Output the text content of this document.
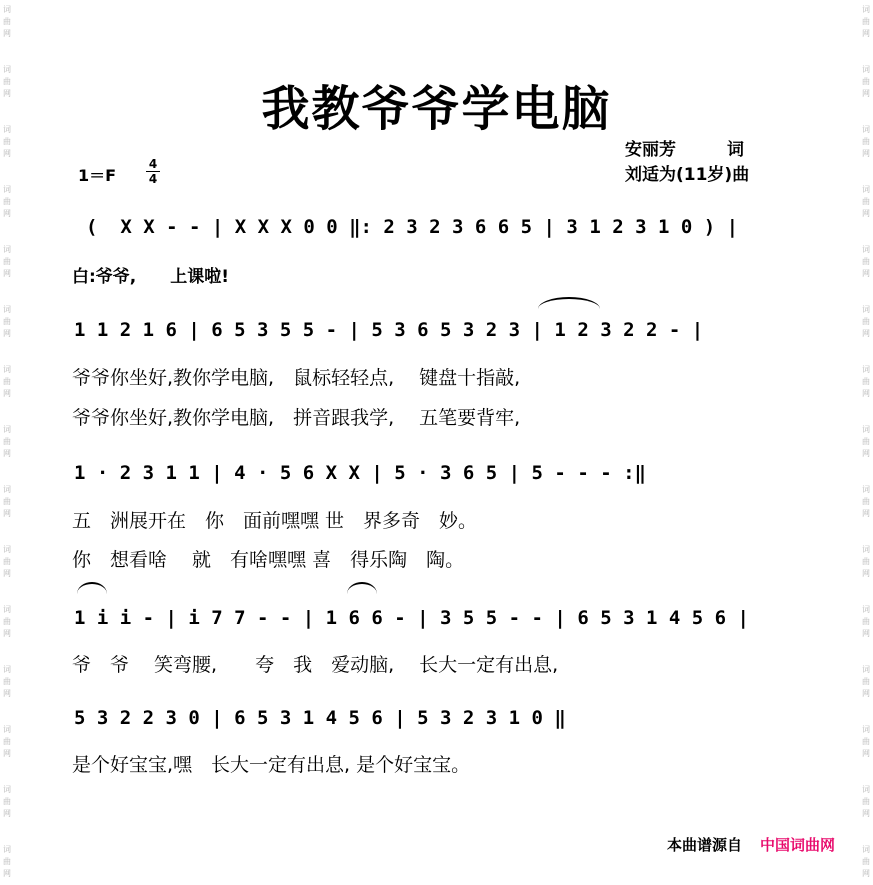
词
曲
网
词
曲
网
词
曲
网
词
曲
网
词
曲
网
词
曲
网
词
曲
网
词
曲
网
词
曲
网
词
曲
网
词
曲
网
词
曲
网
词
曲
网
词
曲
网
词
曲
网
词
曲
网
词
曲
网
词
曲
网
词
曲
网
词
曲
网
词
曲
网
词
曲
网
词
曲
网
词
曲
网
词
曲
网
词
曲
网
词
曲
网
词
曲
网
词
曲
网
词
曲
网
我教爷爷学电脑
安丽芳　　　词
刘适为(11岁)曲
$1=F \frac{4}{4}$
(  X X - - | X X X 0 0 ‖: 2 3 2 3 6 6 5 | 3 1 2 3 1 0 ) |
白:爷爷,　　上课啦!
1 1 2 1 6 | 6 5 3 5 5 - | 5 3 6 5 3 2 3 | 1 2 3 2 2 - |
爷爷你坐好,教你学电脑,　鼠标轻轻点,　 键盘十指敲,
爷爷你坐好,教你学电脑,　拼音跟我学,　 五笔要背牢,
1 · 2 3 1 1 | 4 · 5 6 X X | 5 · 3 6 5 | 5 - - - :‖
五　洲展开在　你　面前嘿嘿 世　界多奇　妙。
你　想看啥　 就　有啥嘿嘿 喜　得乐陶　陶。
1 i i - | i 7 7 - - | 1 6 6 - | 3 5 5 - - | 6 5 3 1 4 5 6 |
爷　爷　 笑弯腰,　　夸　我　爱动脑,　 长大一定有出息,
5 3 2 2 3 0 | 6 5 3 1 4 5 6 | 5 3 2 3 1 0 ‖
是个好宝宝,嘿　长大一定有出息, 是个好宝宝。
本曲谱源自 中国词曲网
